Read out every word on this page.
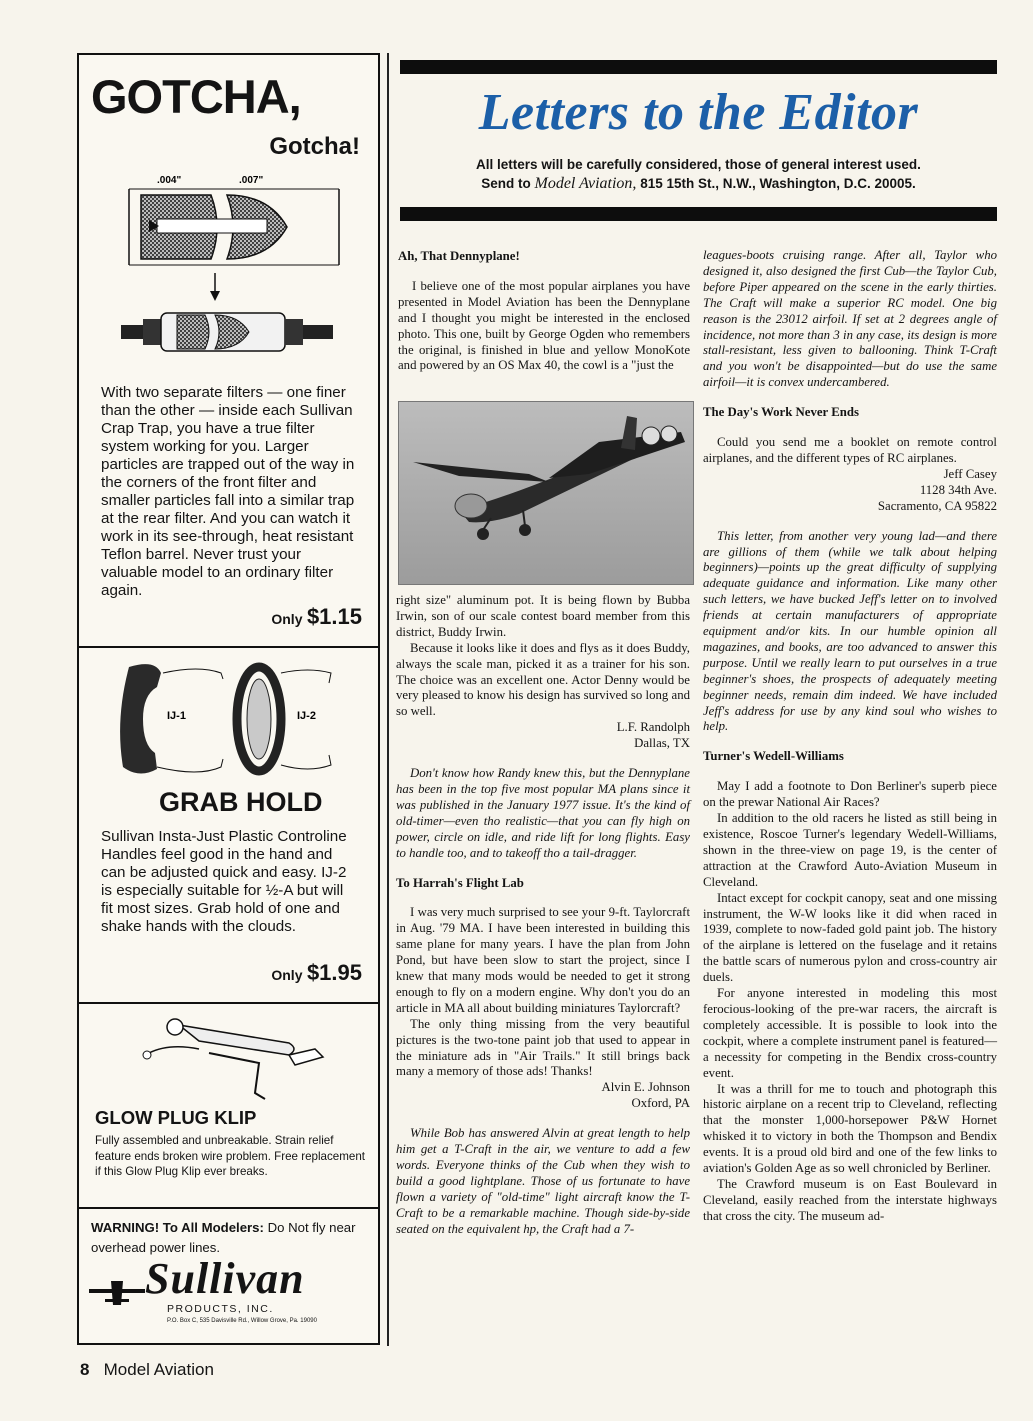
GOTCHA,
Gotcha!
.004"	.007"
With two separate filters — one finer than the other — inside each Sullivan Crap Trap, you have a true filter system working for you. Larger particles are trapped out of the way in the corners of the front filter and smaller particles fall into a similar trap at the rear filter. And you can watch it work in its see-through, heat resistant Teflon barrel. Never trust your valuable model to an ordinary filter again.
Only $1.15
IJ-1	IJ-2
GRAB HOLD
Sullivan Insta-Just Plastic Controline Handles feel good in the hand and can be adjusted quick and easy. IJ-2 is especially suitable for ½-A but will fit most sizes. Grab hold of one and shake hands with the clouds.
Only $1.95
GLOW PLUG KLIP
Fully assembled and unbreakable. Strain relief feature ends broken wire problem. Free replacement if this Glow Plug Klip ever breaks.
WARNING! To All Modelers: Do Not fly near overhead power lines.
Sullivan
PRODUCTS, INC.
P.O. Box C, 535 Davisville Rd., Willow Grove, Pa. 19090
8 Model Aviation
Letters to the Editor
All letters will be carefully considered, those of general interest used.
Send to Model Aviation, 815 15th St., N.W., Washington, D.C. 20005.

Ah, That Dennyplane!

I believe one of the most popular airplanes you have presented in Model Aviation has been the Dennyplane and I thought you might be interested in the enclosed photo. This one, built by George Ogden who remembers the original, is finished in blue and yellow MonoKote and powered by an OS Max 40, the cowl is a "just the

right size" aluminum pot. It is being flown by Bubba Irwin, son of our scale contest board member from this district, Buddy Irwin.

Because it looks like it does and flys as it does Buddy, always the scale man, picked it as a trainer for his son. The choice was an excellent one. Actor Denny would be very pleased to know his design has survived so long and so well.

L.F. Randolph

Dallas, TX

Don't know how Randy knew this, but the Dennyplane has been in the top five most popular MA plans since it was published in the January 1977 issue. It's the kind of old-timer—even tho realistic—that you can fly high on power, circle on idle, and ride lift for long flights. Easy to handle too, and to takeoff tho a tail-dragger.

To Harrah's Flight Lab

I was very much surprised to see your 9-ft. Taylorcraft in Aug. '79 MA. I have been interested in building this same plane for many years. I have the plan from John Pond, but have been slow to start the project, since I knew that many mods would be needed to get it strong enough to fly on a modern engine. Why don't you do an article in MA all about building miniatures Taylorcraft?

The only thing missing from the very beautiful pictures is the two-tone paint job that used to appear in the miniature ads in "Air Trails." It still brings back many a memory of those ads! Thanks!

Alvin E. Johnson

Oxford, PA

While Bob has answered Alvin at great length to help him get a T-Craft in the air, we venture to add a few words. Everyone thinks of the Cub when they wish to build a good lightplane. Those of us fortunate to have flown a variety of "old-time" light aircraft know the T-Craft to be a remarkable machine. Though side-by-side seated on the equivalent hp, the Craft had a 7-

leagues-boots cruising range. After all, Taylor who designed it, also designed the first Cub—the Taylor Cub, before Piper appeared on the scene in the early thirties. The Craft will make a superior RC model. One big reason is the 23012 airfoil. If set at 2 degrees angle of incidence, not more than 3 in any case, its design is more stall-resistant, less given to ballooning. Think T-Craft and you won't be disappointed—but do use the same airfoil—it is convex undercambered.

The Day's Work Never Ends

Could you send me a booklet on remote control airplanes, and the different types of RC airplanes.

Jeff Casey

1128 34th Ave.

Sacramento, CA 95822

This letter, from another very young lad—and there are gillions of them (while we talk about helping beginners)—points up the great difficulty of supplying adequate guidance and information. Like many other such letters, we have bucked Jeff's letter on to involved friends at certain manufacturers of appropriate equipment and/or kits. In our humble opinion all magazines, and books, are too advanced to answer this purpose. Until we really learn to put ourselves in a true beginner's shoes, the prospects of adequately meeting beginner needs, remain dim indeed. We have included Jeff's address for use by any kind soul who wishes to help.

Turner's Wedell-Williams

May I add a footnote to Don Berliner's superb piece on the prewar National Air Races?

In addition to the old racers he listed as still being in existence, Roscoe Turner's legendary Wedell-Williams, shown in the three-view on page 19, is the center of attraction at the Crawford Auto-Aviation Museum in Cleveland.

Intact except for cockpit canopy, seat and one missing instrument, the W-W looks like it did when raced in 1939, complete to now-faded gold paint job. The history of the airplane is lettered on the fuselage and it retains the battle scars of numerous pylon and cross-country air duels.

For anyone interested in modeling this most ferocious-looking of the pre-war racers, the aircraft is completely accessible. It is possible to look into the cockpit, where a complete instrument panel is featured—a necessity for competing in the Bendix cross-country event.

It was a thrill for me to touch and photograph this historic airplane on a recent trip to Cleveland, reflecting that the monster 1,000-horsepower P&W Hornet whisked it to victory in both the Thompson and Bendix events. It is a proud old bird and one of the few links to aviation's Golden Age as so well chronicled by Berliner.

The Crawford museum is on East Boulevard in Cleveland, easily reached from the interstate highways that cross the city. The museum ad-
